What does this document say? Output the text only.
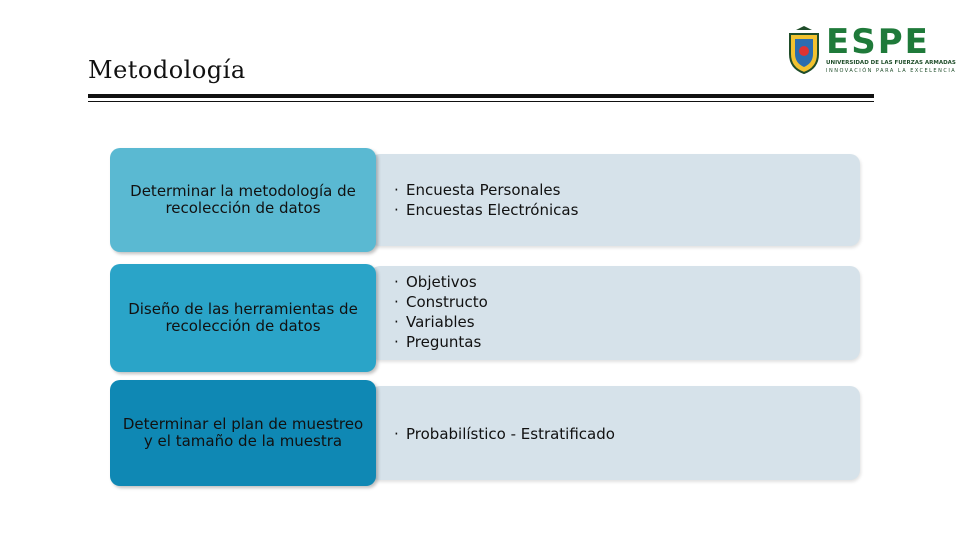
Metodología
ESPE
UNIVERSIDAD DE LAS FUERZAS ARMADAS
INNOVACIÓN PARA LA EXCELENCIA
· Encuesta Personales
· Encuestas Electrónicas
Determinar la metodología de recolección de datos
· Objetivos
· Constructo
· Variables
· Preguntas
Diseño de las herramientas de recolección de datos
· Probabilístico - Estratificado
Determinar el plan de muestreo y el tamaño de la muestra
